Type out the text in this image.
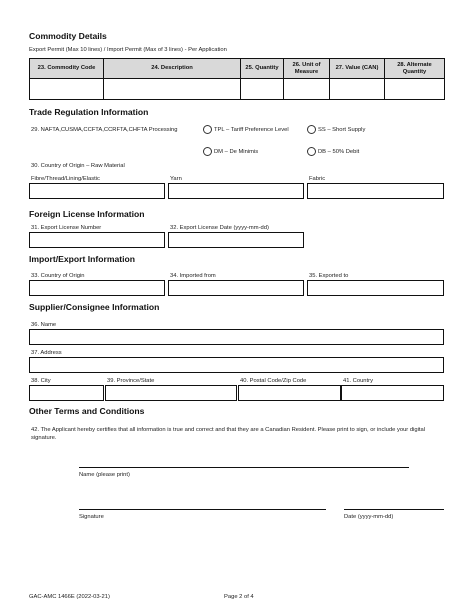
Commodity Details
Export Permit (Max 10 lines) / Import Permit (Max of 3 lines) - Per Application
23. Commodity Code	24. Description	25. Quantity	26. Unit of Measure	27. Value (CAN)	28. Alternate Quantity

Trade Regulation Information
29. NAFTA,CUSMA,CCFTA,CCRFTA,CHFTA Processing	TPL – Tariff Preference Level	SS – Short Supply
DM – De Minimis	DB – 50% Debit
30. Country of Origin – Raw Material
Fibre/Thread/Lining/Elastic	Yarn	Fabric
Foreign License Information
31. Export License Number	32. Export License Date (yyyy-mm-dd)
Import/Export Information
33. Country of Origin	34. Imported from	35. Exported to
Supplier/Consignee Information
36. Name
37. Address
38. City	39. Province/State	40. Postal Code/Zip Code	41. Country
Other Terms and Conditions
42. The Applicant hereby certifies that all information is true and correct and that they are a Canadian Resident. Please print to sign, or include your digital signature.
Name (please print)
Signature	Date (yyyy-mm-dd)
GAC-AMC 1466E (2022-03-21)	Page 2 of 4
